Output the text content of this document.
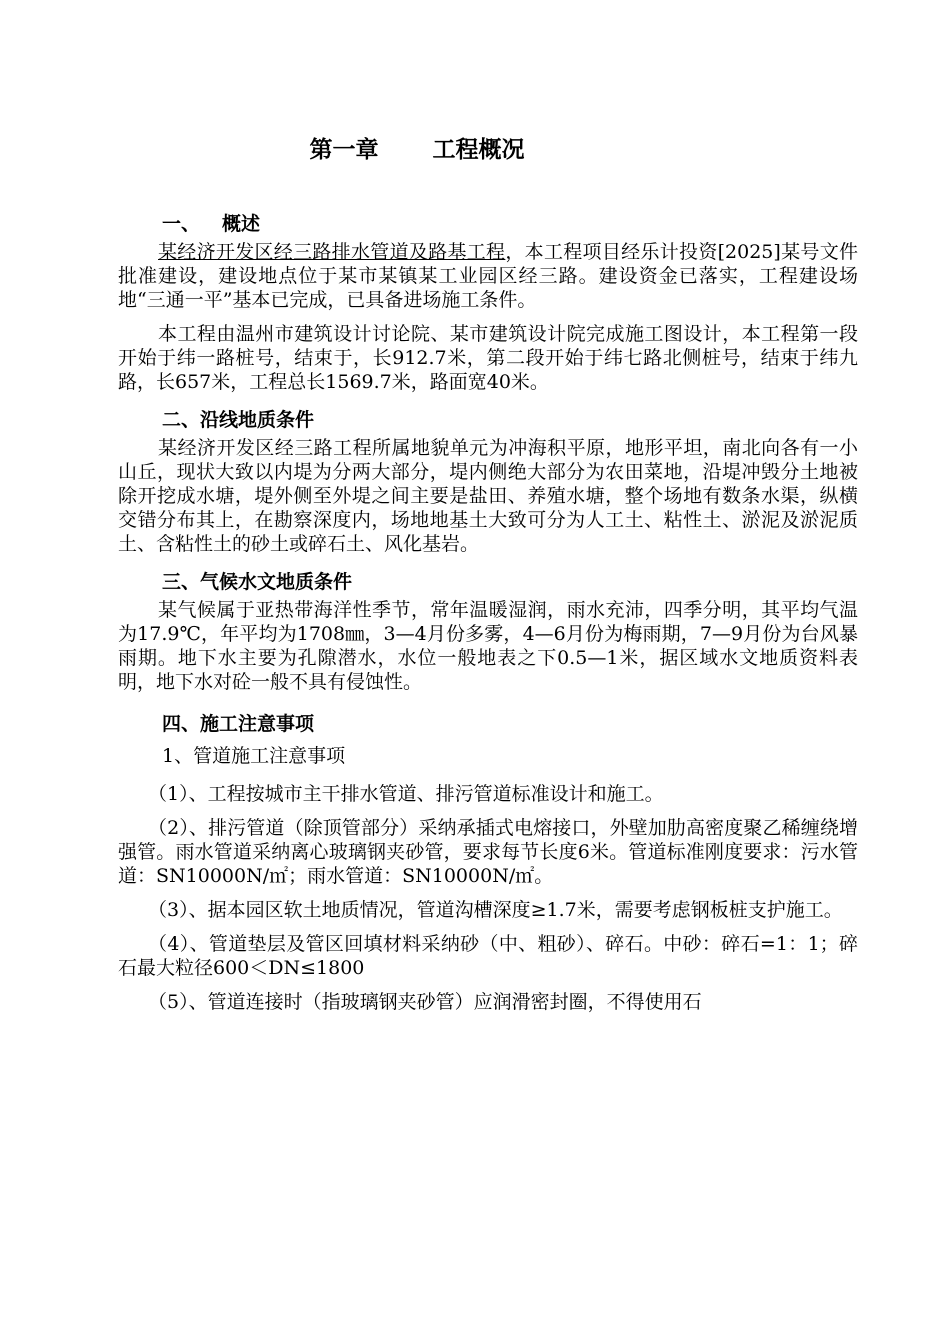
第一章 工程概况
一、 概述

某经济开发区经三路排水管道及路基工程，本工程项目经乐计投资[2025]某号文件批准建设，建设地点位于某市某镇某工业园区经三路。建设资金已落实，工程建设场地“三通一平”基本已完成，已具备进场施工条件。

本工程由温州市建筑设计讨论院、某市建筑设计院完成施工图设计，本工程第一段开始于纬一路桩号，结束于，长912.7米，第二段开始于纬七路北侧桩号，结束于纬九路，长657米，工程总长1569.7米，路面宽40米。

二、沿线地质条件

某经济开发区经三路工程所属地貌单元为冲海积平原，地形平坦，南北向各有一小山丘，现状大致以内堤为分两大部分，堤内侧绝大部分为农田菜地，沿堤冲毁分土地被除开挖成水塘，堤外侧至外堤之间主要是盐田、养殖水塘，整个场地有数条水渠，纵横交错分布其上，在勘察深度内，场地地基土大致可分为人工土、粘性土、淤泥及淤泥质土、含粘性土的砂土或碎石土、风化基岩。

三、气候水文地质条件

某气候属于亚热带海洋性季节，常年温暖湿润，雨水充沛，四季分明，其平均气温为17.9℃，年平均为1708㎜，3—4月份多雾，4—6月份为梅雨期，7—9月份为台风暴雨期。地下水主要为孔隙潜水，水位一般地表之下0.5—1米，据区域水文地质资料表明，地下水对砼一般不具有侵蚀性。

四、施工注意事项
1、管道施工注意事项

（1）、工程按城市主干排水管道、排污管道标准设计和施工。

（2）、排污管道（除顶管部分）采纳承插式电熔接口，外壁加肋高密度聚乙稀缠绕增强管。雨水管道采纳离心玻璃钢夹砂管，要求每节长度6米。管道标准刚度要求：污水管道：SN10000N/㎡；雨水管道：SN10000N/㎡。

（3）、据本园区软土地质情况，管道沟槽深度≥1.7米，需要考虑钢板桩支护施工。

（4）、管道垫层及管区回填材料采纳砂（中、粗砂）、碎石。中砂：碎石=1：1；碎石最大粒径600＜DN≤1800

（5）、管道连接时（指玻璃钢夹砂管）应润滑密封圈，不得使用石
